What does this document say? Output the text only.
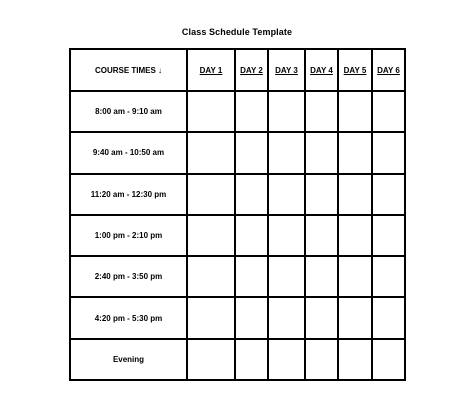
Class Schedule Template
COURSE TIMES ↓	DAY 1	DAY 2	DAY 3	DAY 4	DAY 5	DAY 6
8:00 am - 9:10 am						
9:40 am - 10:50 am						
11:20 am - 12:30 pm						
1:00 pm - 2:10 pm						
2:40 pm - 3:50 pm						
4:20 pm - 5:30 pm						
Evening						
